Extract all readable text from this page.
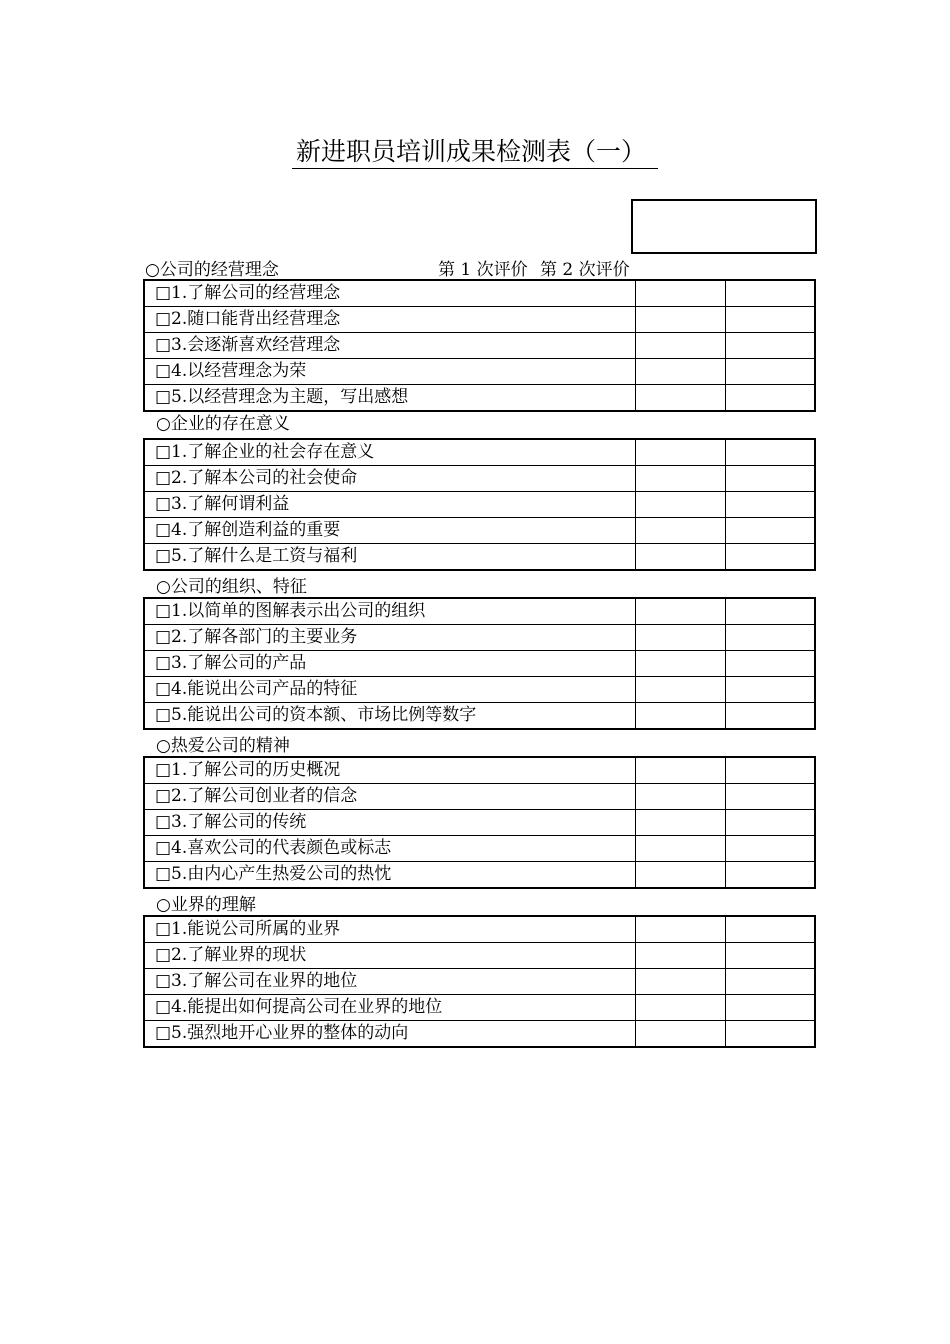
新进职员培训成果检测表（一）
○公司的经营理念	第 1 次评价 第 2 次评价
□1.了解公司的经营理念		
□2.随口能背出经营理念		
□3.会逐渐喜欢经营理念		
□4.以经营理念为荣		
□5.以经营理念为主题，写出感想		
○企业的存在意义
□1.了解企业的社会存在意义		
□2.了解本公司的社会使命		
□3.了解何谓利益		
□4.了解创造利益的重要		
□5.了解什么是工资与福利		
○公司的组织、特征
□1.以简单的图解表示出公司的组织		
□2.了解各部门的主要业务		
□3.了解公司的产品		
□4.能说出公司产品的特征		
□5.能说出公司的资本额、市场比例等数字		
○热爱公司的精神
□1.了解公司的历史概况		
□2.了解公司创业者的信念		
□3.了解公司的传统		
□4.喜欢公司的代表颜色或标志		
□5.由内心产生热爱公司的热忱		
○业界的理解
□1.能说公司所属的业界		
□2.了解业界的现状		
□3.了解公司在业界的地位		
□4.能提出如何提高公司在业界的地位		
□5.强烈地开心业界的整体的动向		
